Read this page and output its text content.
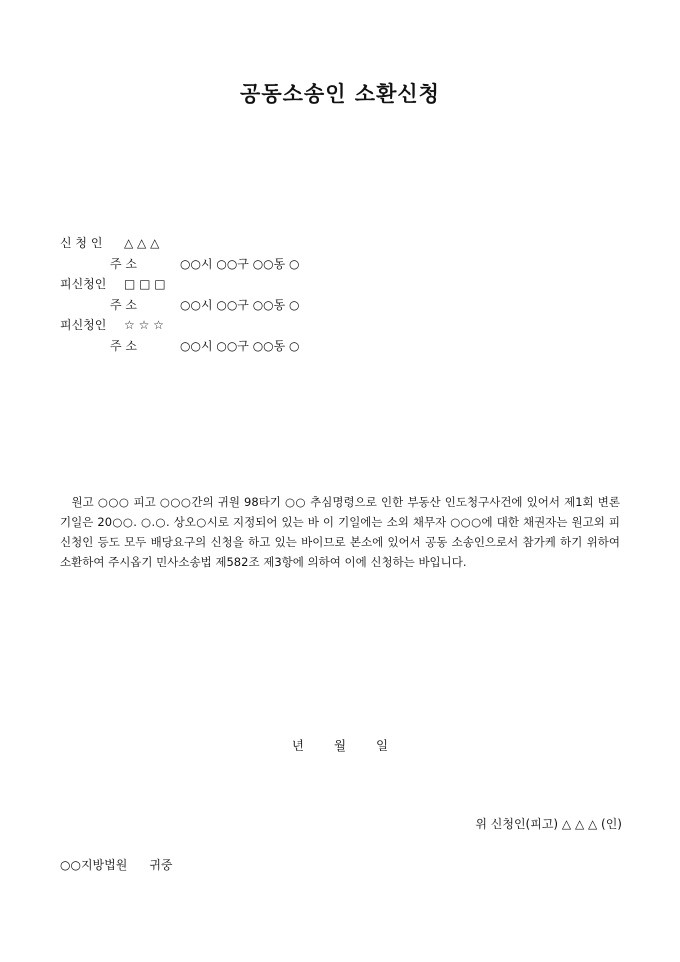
공동소송인 소환신청
신 청 인 △ △ △
주 소	○○시 ○○구 ○○동 ○
피신청인 □ □ □
주 소	○○시 ○○구 ○○동 ○
피신청인 ☆ ☆ ☆
주 소	○○시 ○○구 ○○동 ○
 원고 ○○○ 피고 ○○○간의 귀원 98타기 ○○ 추심명령으로 인한 부동산 인도청구사건에 있어서 제1회 변론기일은 20○○. ○.○. 상오○시로 지정되어 있는 바 이 기일에는 소외 채무자 ○○○에 대한 채권자는 원고외 피신청인 등도 모두 배당요구의 신청을 하고 있는 바이므로 본소에 있어서 공동 소송인으로서 참가케 하기 위하여 소환하여 주시옵기 민사소송법 제582조 제3항에 의하여 이에 신청하는 바입니다.
년 월 일
위 신청인(피고) △ △ △ (인)
○○지방법원 귀중
